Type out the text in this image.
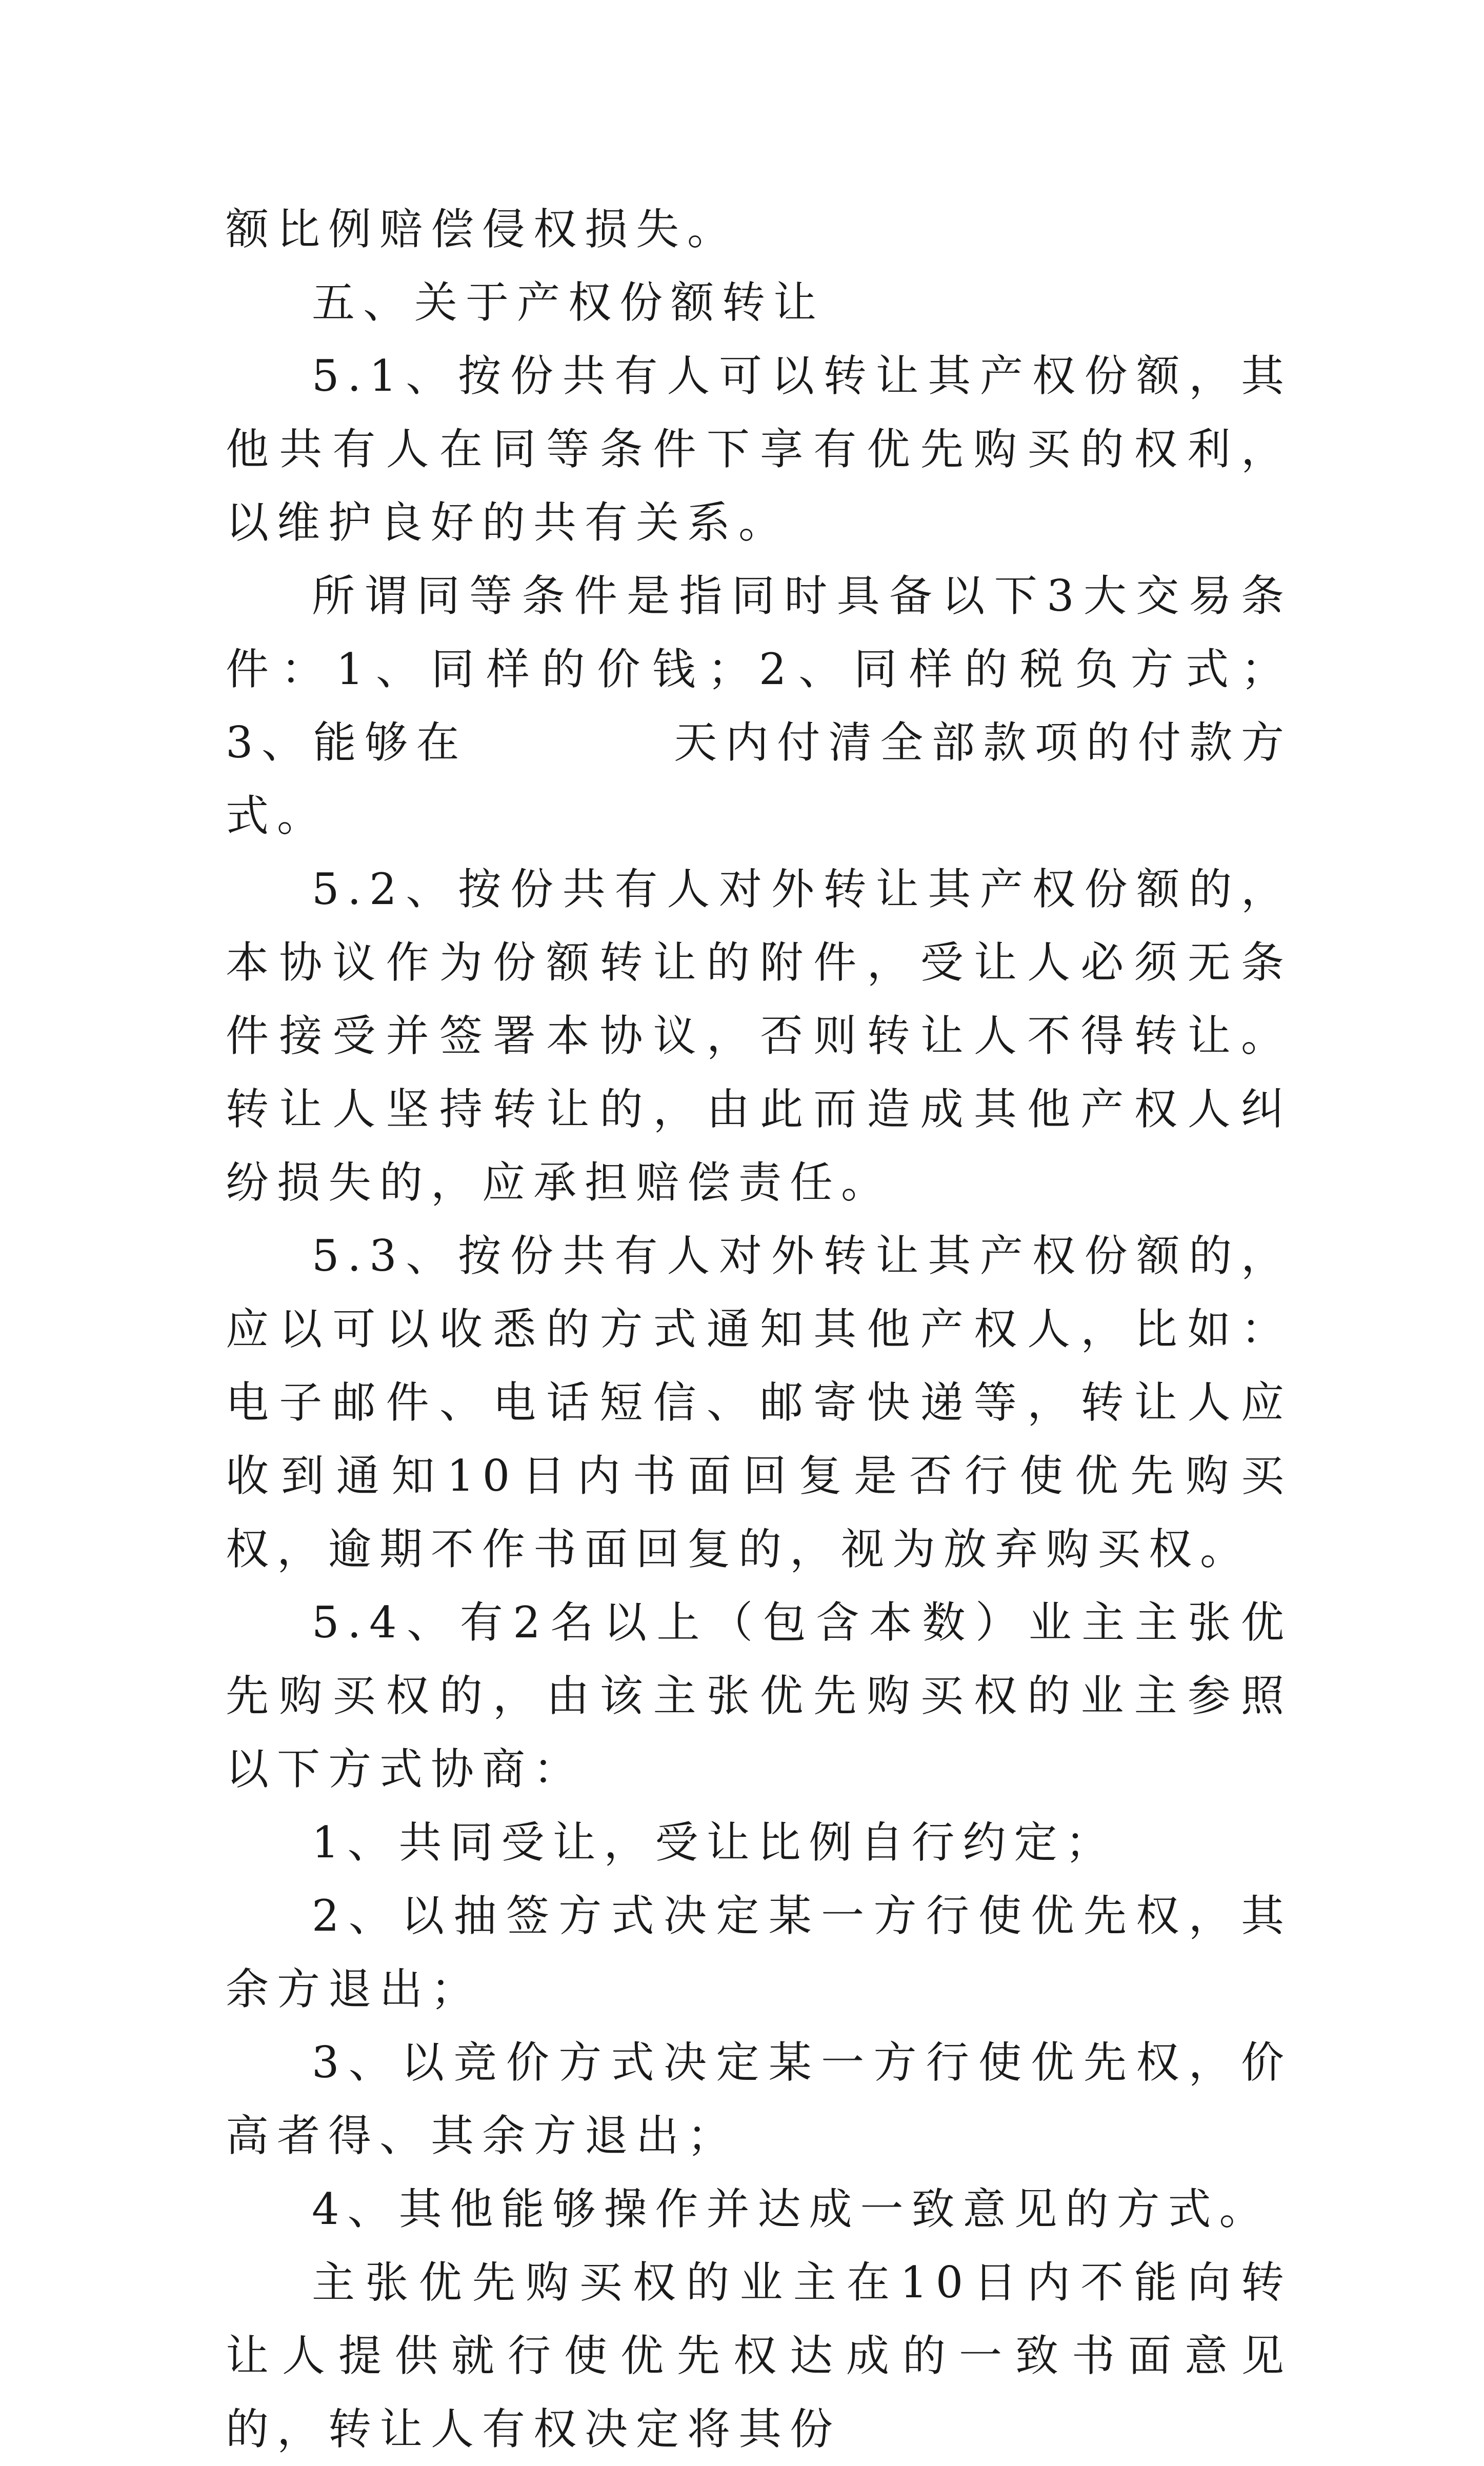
额比例赔偿侵权损失。

五、关于产权份额转让

5.1、按份共有人可以转让其产权份额，其他共有人在同等条件下享有优先购买的权利，以维护良好的共有关系。

所谓同等条件是指同时具备以下3大交易条件：1、同样的价钱；2、同样的税负方式；3、能够在　　　　天内付清全部款项的付款方式。

5.2、按份共有人对外转让其产权份额的，本协议作为份额转让的附件，受让人必须无条件接受并签署本协议，否则转让人不得转让。转让人坚持转让的，由此而造成其他产权人纠纷损失的，应承担赔偿责任。

5.3、按份共有人对外转让其产权份额的，应以可以收悉的方式通知其他产权人，比如：电子邮件、电话短信、邮寄快递等，转让人应收到通知10日内书面回复是否行使优先购买权，逾期不作书面回复的，视为放弃购买权。

5.4、有2名以上（包含本数）业主主张优先购买权的，由该主张优先购买权的业主参照以下方式协商：

1、共同受让，受让比例自行约定；

2、以抽签方式决定某一方行使优先权，其余方退出；

3、以竞价方式决定某一方行使优先权，价高者得、其余方退出；

4、其他能够操作并达成一致意见的方式。

主张优先购买权的业主在10日内不能向转让人提供就行使优先权达成的一致书面意见的，转让人有权决定将其份
